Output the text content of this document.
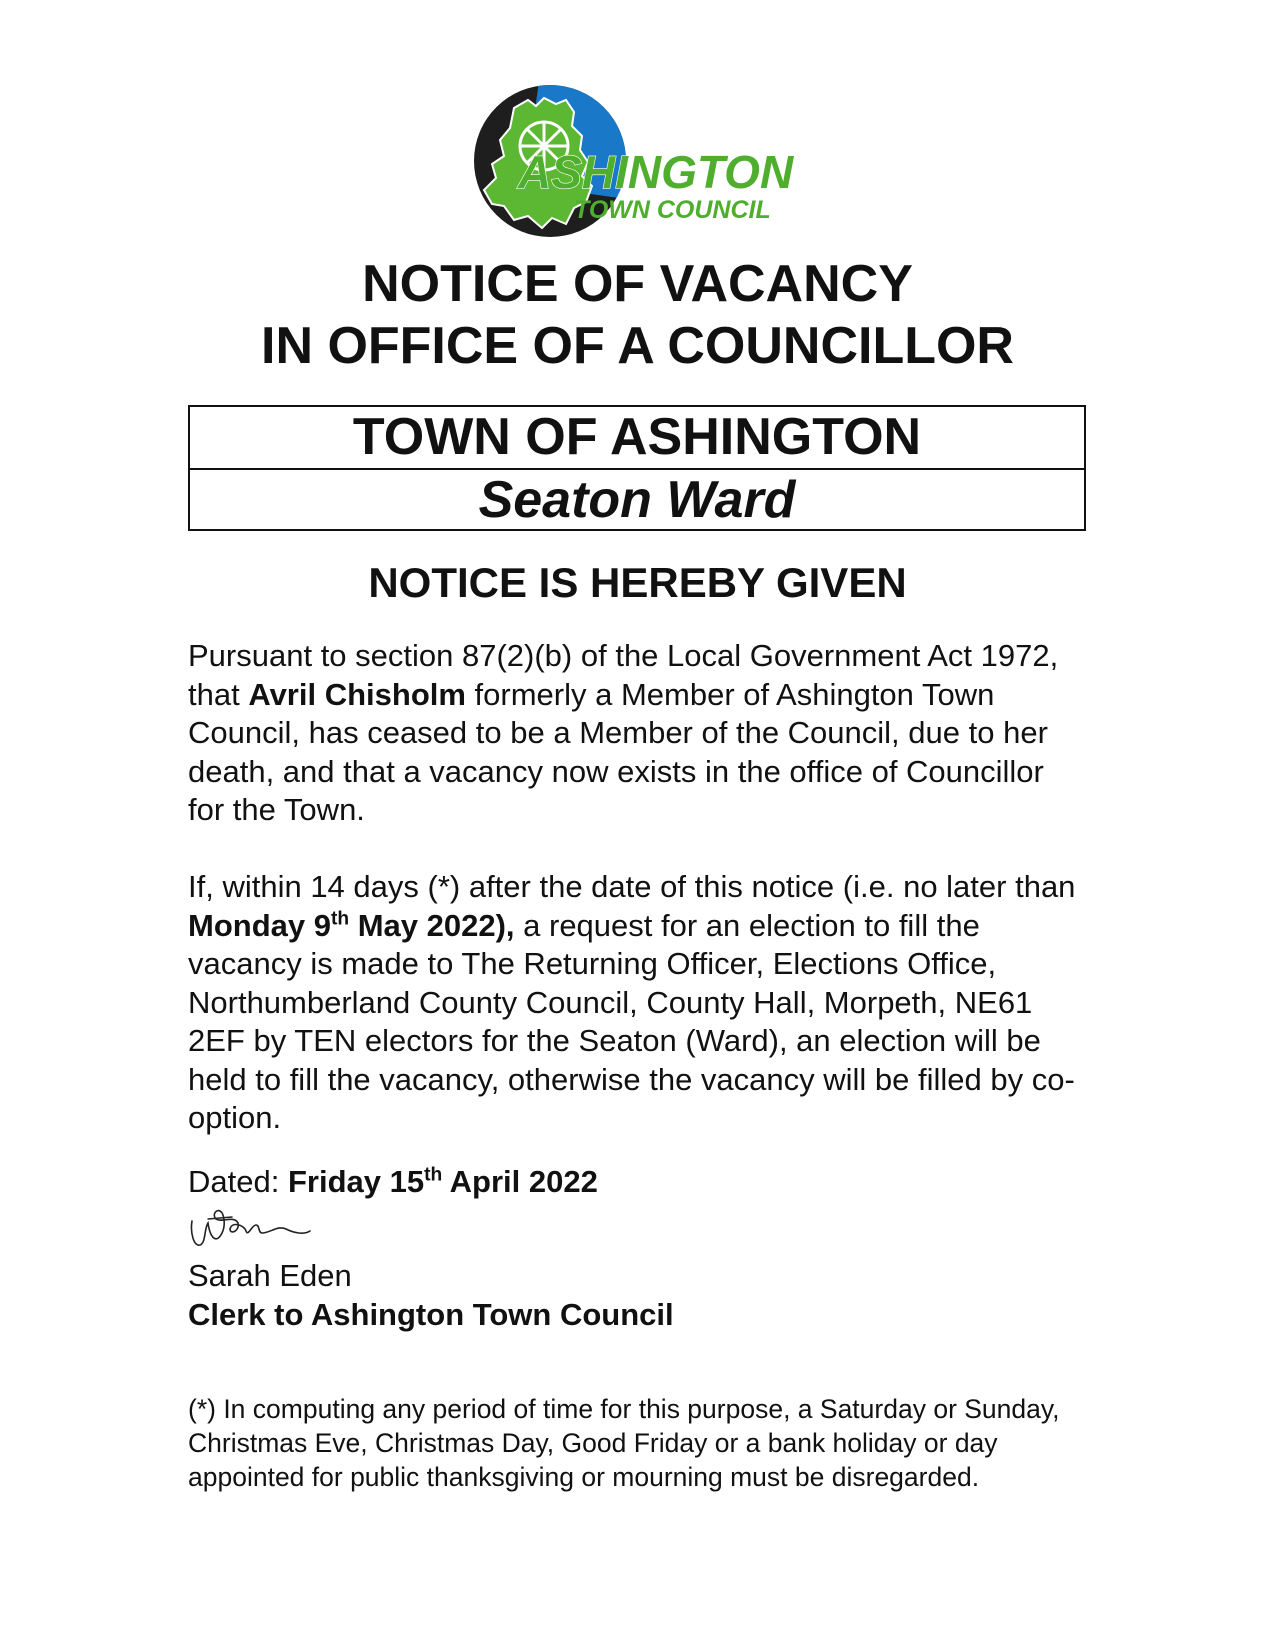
ASHINGTON
TOWN COUNCIL
NOTICE OF VACANCY
IN OFFICE OF A COUNCILLOR
TOWN OF ASHINGTON
Seaton Ward
NOTICE IS HEREBY GIVEN
Pursuant to section 87(2)(b) of the Local Government Act 1972, that Avril Chisholm formerly a Member of Ashington Town Council, has ceased to be a Member of the Council, due to her death, and that a vacancy now exists in the office of Councillor for the Town.
If, within 14 days (*) after the date of this notice (i.e. no later than Monday 9th May 2022), a request for an election to fill the vacancy is made to The Returning Officer, Elections Office, Northumberland County Council, County Hall, Morpeth, NE61 2EF by TEN electors for the Seaton (Ward), an election will be held to fill the vacancy, otherwise the vacancy will be filled by co-option.
Dated: Friday 15th April 2022
Sarah Eden
Clerk to Ashington Town Council
(*) In computing any period of time for this purpose, a Saturday or Sunday, Christmas Eve, Christmas Day, Good Friday or a bank holiday or day appointed for public thanksgiving or mourning must be disregarded.
